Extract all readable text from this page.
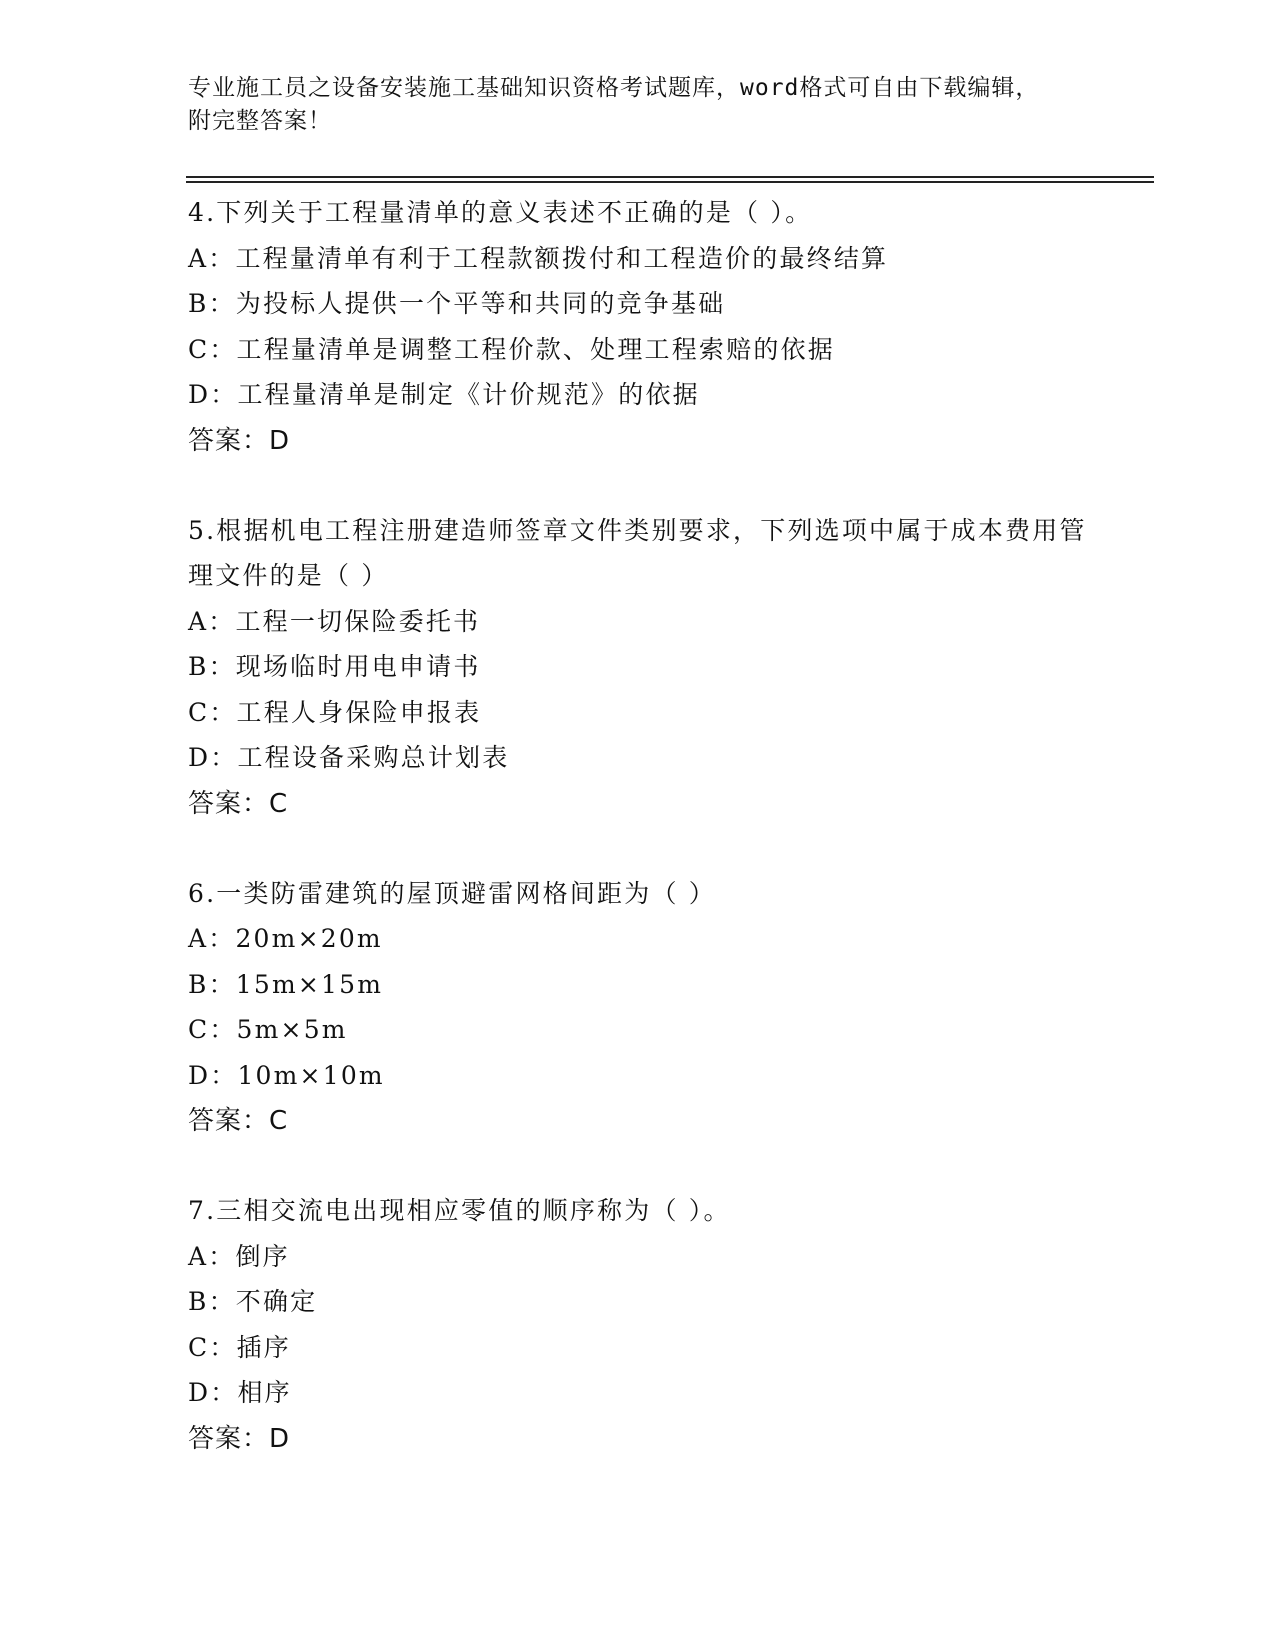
专业施工员之设备安装施工基础知识资格考试题库，word格式可自由下载编辑，
附完整答案！
4.下列关于工程量清单的意义表述不正确的是（ ）。
A：工程量清单有利于工程款额拨付和工程造价的最终结算
B：为投标人提供一个平等和共同的竞争基础
C：工程量清单是调整工程价款、处理工程索赔的依据
D：工程量清单是制定《计价规范》的依据
答案：D
5.根据机电工程注册建造师签章文件类别要求，下列选项中属于成本费用管理文件的是（ ）
A：工程一切保险委托书
B：现场临时用电申请书
C：工程人身保险申报表
D：工程设备采购总计划表
答案：C
6.一类防雷建筑的屋顶避雷网格间距为（ ）
A：20m×20m
B：15m×15m
C：5m×5m
D：10m×10m
答案：C
7.三相交流电出现相应零值的顺序称为（ ）。
A：倒序
B：不确定
C：插序
D：相序
答案：D
